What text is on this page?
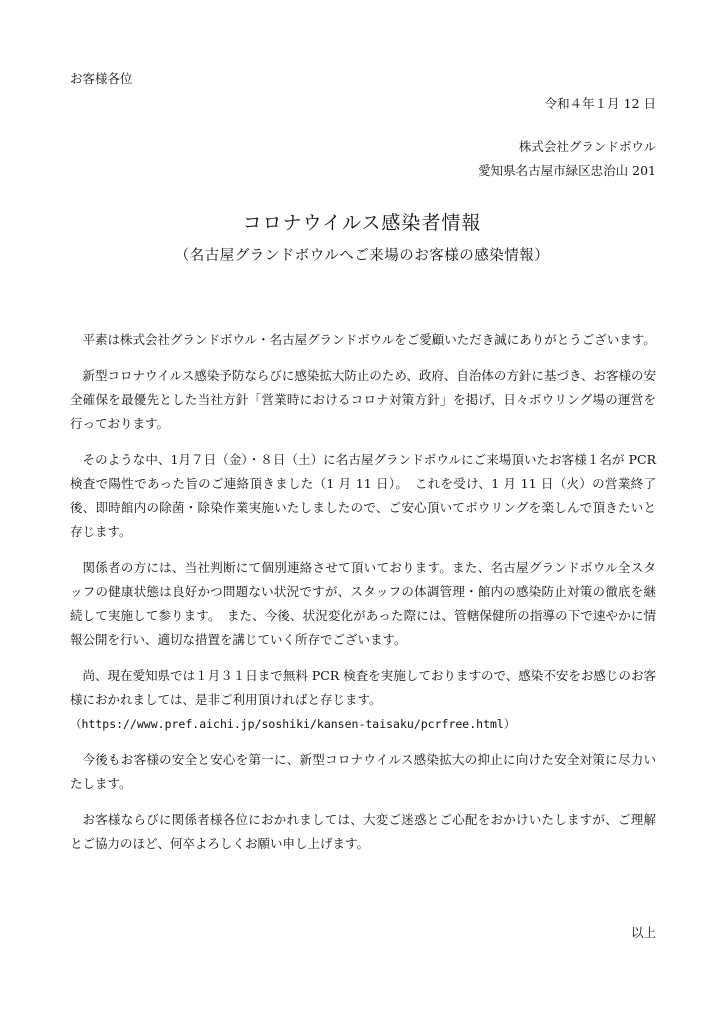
お客様各位
令和４年１月 12 日
株式会社グランドボウル
愛知県名古屋市緑区忠治山 201
コロナウイルス感染者情報
（名古屋グランドボウルへご来場のお客様の感染情報）

平素は株式会社グランドボウル・名古屋グランドボウルをご愛顧いただき誠にありがとうございます。

新型コロナウイルス感染予防ならびに感染拡大防止のため、政府、自治体の方針に基づき、お客様の安全確保を最優先とした当社方針「営業時におけるコロナ対策方針」を掲げ、日々ボウリング場の運営を行っております。

そのような中、1月７日（金）・８日（土）に名古屋グランドボウルにご来場頂いたお客様１名が PCR 検査で陽性であった旨のご連絡頂きました（1 月 11 日）。　これを受け、1 月 11 日（火）の営業終了後、即時館内の除菌・除染作業実施いたしましたので、ご安心頂いてボウリングを楽しんで頂きたいと存じます。

関係者の方には、当社判断にて個別連絡させて頂いております。また、名古屋グランドボウル全スタッフの健康状態は良好かつ問題ない状況ですが、スタッフの体調管理・館内の感染防止対策の徹底を継続して実施して参ります。　また、今後、状況変化があった際には、管轄保健所の指導の下で速やかに情報公開を行い、適切な措置を講じていく所存でございます。

尚、現在愛知県では１月３１日まで無料 PCR 検査を実施しておりますので、感染不安をお感じのお客様におかれましては、是非ご利用頂ければと存じます。

（https://www.pref.aichi.jp/soshiki/kansen-taisaku/pcrfree.html）

今後もお客様の安全と安心を第一に、新型コロナウイルス感染拡大の抑止に向けた安全対策に尽力いたします。

お客様ならびに関係者様各位におかれましては、大変ご迷惑とご心配をおかけいたしますが、ご理解とご協力のほど、何卒よろしくお願い申し上げます。

以上
